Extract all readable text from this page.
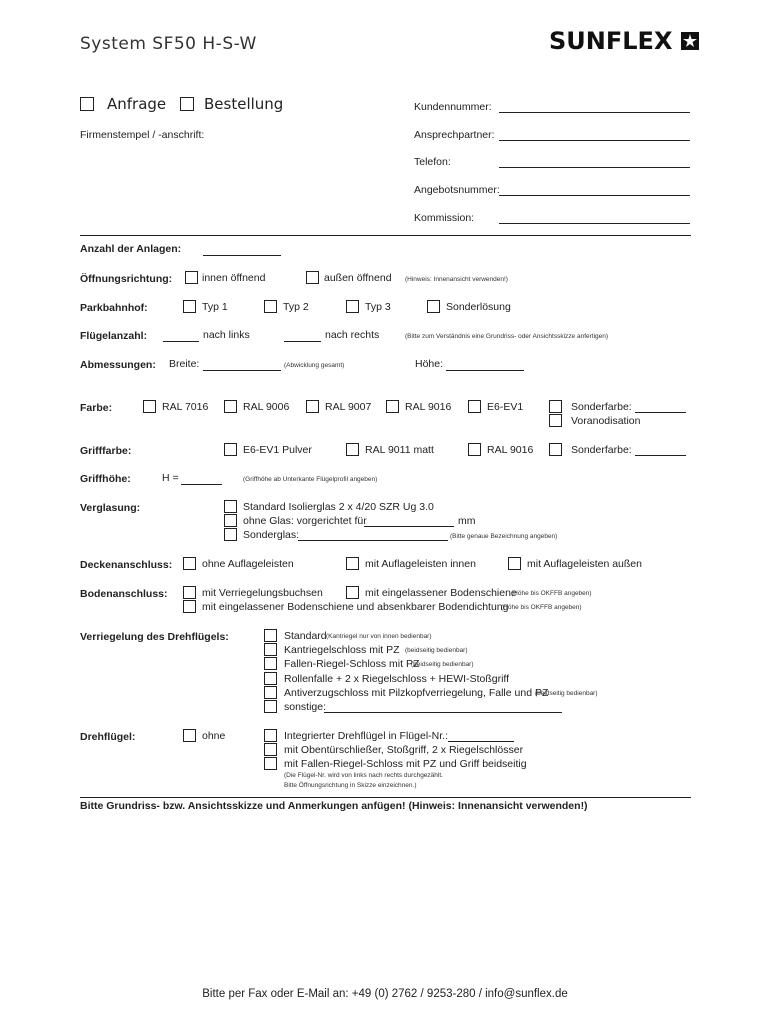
System SF50 H-S-W	SUNFLEX
Anfrage	Bestellung
Firmenstempel / -anschrift:
Kundennummer:
Ansprechpartner:
Telefon:
Angebotsnummer:
Kommission:
Anzahl der Anlagen:
Öffnungsrichtung:	innen öffnend	außen öffnend (Hinweis: Innenansicht verwenden!)
Parkbahnhof:	Typ 1	Typ 2	Typ 3	Sonderlösung
Flügelanzahl:	nach links	nach rechts	(Bitte zum Verständnis eine Grundriss- oder Ansichtsskizze anfertigen)
Abmessungen: Breite:	(Abwicklung gesamt)	Höhe:
Farbe:	RAL 7016	RAL 9006	RAL 9007	RAL 9016	E6-EV1	Sonderfarbe:
Voranodisation
Grifffarbe:	E6-EV1 Pulver	RAL 9011 matt	RAL 9016	Sonderfarbe:
Griffhöhe:	H =	(Griffhöhe ab Unterkante Flügelprofil angeben)
Verglasung:	Standard Isolierglas 2 x 4/20 SZR Ug 3.0
ohne Glas: vorgerichtet für	mm
Sonderglas:	(Bitte genaue Bezeichnung angeben)
Deckenanschluss:	ohne Auflageleisten	mit Auflageleisten innen	mit Auflageleisten außen
Bodenanschluss:	mit Verriegelungsbuchsen	mit eingelassener Bodenschiene
(Höhe bis OKFFB angeben)
mit eingelassener Bodenschiene und absenkbarer Bodendichtung
(Höhe bis OKFFB angeben)
Verriegelung des Drehflügels:	Standard (Kantriegel nur von innen bedienbar)
Kantriegelschloss mit PZ (beidseitig bedienbar)
Fallen-Riegel-Schloss mit PZ
(beidseitig bedienbar)
Rollenfalle + 2 x Riegelschloss + HEWI-Stoßgriff
Antiverzugschloss mit Pilzkopfverriegelung, Falle und PZ
(beidseitig bedienbar)
sonstige:
Drehflügel:	ohne	Integrierter Drehflügel in Flügel-Nr.:
mit Obentürschließer, Stoßgriff, 2 x Riegelschlösser
mit Fallen-Riegel-Schloss mit PZ und Griff beidseitig
(Die Flügel-Nr. wird von links nach rechts durchgezählt.
Bitte Öffnungsrichtung in Skizze einzeichnen.)
Bitte Grundriss- bzw. Ansichtsskizze und Anmerkungen anfügen! (Hinweis: Innenansicht verwenden!)
Bitte per Fax oder E-Mail an: +49 (0) 2762 / 9253-280 / info@sunflex.de
